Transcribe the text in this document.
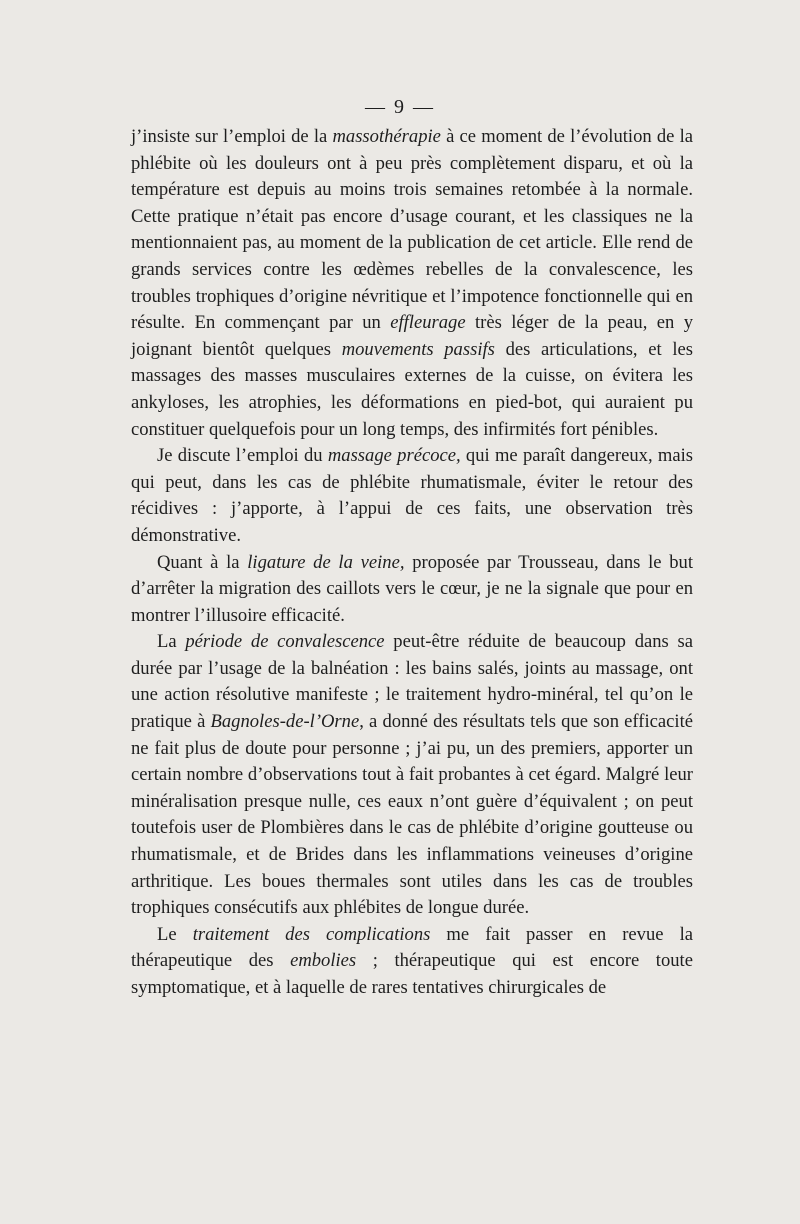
— 9 —

j’insiste sur l’emploi de la massothérapie à ce moment de l’évolution de la phlébite où les douleurs ont à peu près complètement disparu, et où la température est depuis au moins trois semaines retombée à la normale. Cette pratique n’était pas encore d’usage courant, et les classiques ne la mentionnaient pas, au moment de la publication de cet article. Elle rend de grands services contre les œdèmes rebelles de la convalescence, les troubles trophiques d’origine névritique et l’impotence fonctionnelle qui en résulte. En commençant par un effleurage très léger de la peau, en y joignant bientôt quelques mouvements passifs des articulations, et les massages des masses musculaires externes de la cuisse, on évitera les ankyloses, les atrophies, les déformations en pied-bot, qui auraient pu constituer quelquefois pour un long temps, des infirmités fort pénibles.

Je discute l’emploi du massage précoce, qui me paraît dangereux, mais qui peut, dans les cas de phlébite rhumatismale, éviter le retour des récidives : j’apporte, à l’appui de ces faits, une observation très démonstrative.

Quant à la ligature de la veine, proposée par Trousseau, dans le but d’arrêter la migration des caillots vers le cœur, je ne la signale que pour en montrer l’illusoire efficacité.

La période de convalescence peut-être réduite de beaucoup dans sa durée par l’usage de la balnéation : les bains salés, joints au massage, ont une action résolutive manifeste ; le traitement hydro-minéral, tel qu’on le pratique à Bagnoles-de-l’Orne, a donné des résultats tels que son efficacité ne fait plus de doute pour personne ; j’ai pu, un des premiers, apporter un certain nombre d’observations tout à fait probantes à cet égard. Malgré leur minéralisation presque nulle, ces eaux n’ont guère d’équivalent ; on peut toutefois user de Plombières dans le cas de phlébite d’origine goutteuse ou rhumatismale, et de Brides dans les inflammations veineuses d’origine arthritique. Les boues thermales sont utiles dans les cas de troubles trophiques consécutifs aux phlébites de longue durée.

Le traitement des complications me fait passer en revue la thérapeutique des embolies ; thérapeutique qui est encore toute symptomatique, et à laquelle de rares tentatives chirurgicales de
